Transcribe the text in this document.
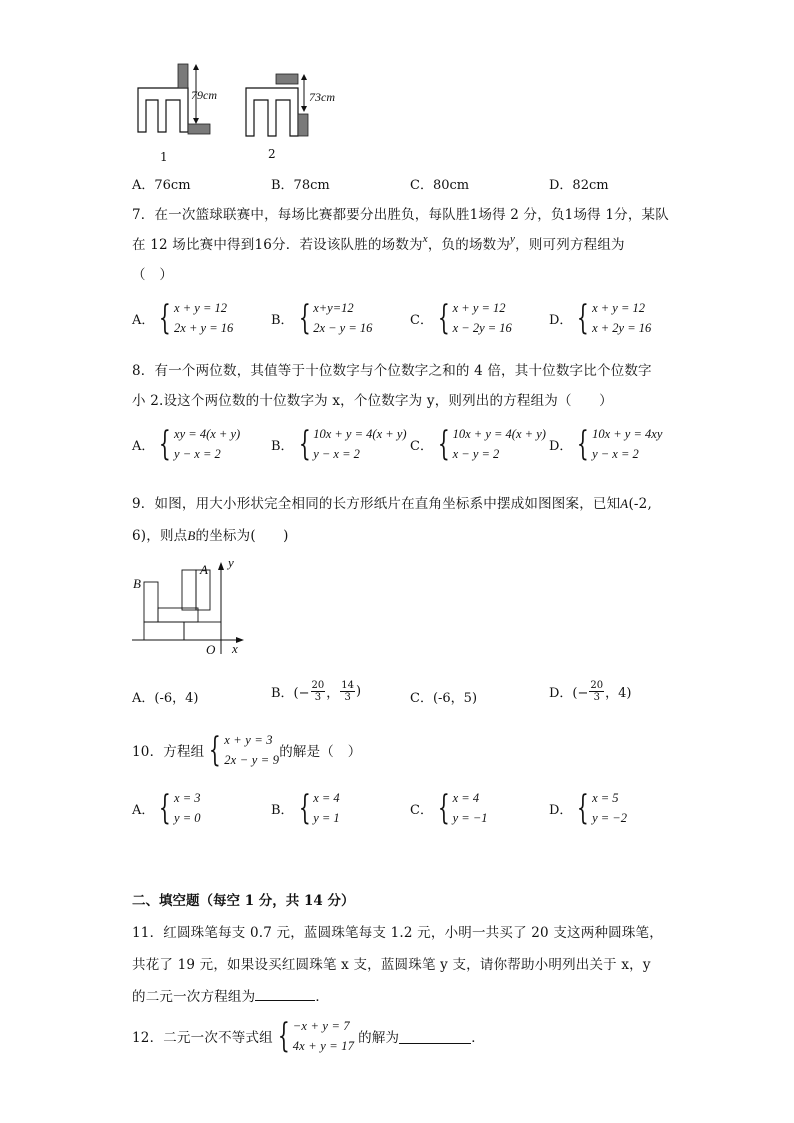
79cm	73cm
1	2
A．76cm	B．78cm	C．80cm	D．82cm
7．在一次篮球联赛中，每场比赛都要分出胜负，每队胜1场得 2 分，负1场得 1分，某队
在 12 场比赛中得到16分．若设该队胜的场数为$^x$，负的场数为$^y$，则可列方程组为
（　）
A． { x + y = 12
2x + y = 16
B． { x+y=12
2x − y = 16
C． { x + y = 12
x − 2y = 16
D． { x + y = 12
x + 2y = 16
8．有一个两位数，其值等于十位数字与个位数字之和的 4 倍，其十位数字比个位数字
小 2.设这个两位数的十位数字为 x，个位数字为 y，则列出的方程组为（　　）
A． { xy = 4(x + y)
y − x = 2
B． { 10x + y = 4(x + y)
y − x = 2
C． { 10x + y = 4(x + y)
x − y = 2
D． { 10x + y = 4xy
y − x = 2
9．如图，用大小形状完全相同的长方形纸片在直角坐标系中摆成如图图案，已知A(-2,
6)，则点B的坐标为(　　)
B
A y
x
O
A．(-6，4)	B．(− $\frac{20}{3}$ ， $\frac{14}{3}$ )	C．(-6，5)	D．(− $\frac{20}{3}$ ，4)
10．方程组 { x + y = 3
2x − y = 9 的解是（　）
A． { x = 3
y = 0
B． { x = 4
y = 1
C． { x = 4
y = −1
D． { x = 5
y = −2
二、填空题（每空 1 分，共 14 分）
11．红圆珠笔每支 0.7 元，蓝圆珠笔每支 1.2 元，小明一共买了 20 支这两种圆珠笔，
共花了 19 元，如果设买红圆珠笔 x 支，蓝圆珠笔 y 支，请你帮助小明列出关于 x，y
的二元一次方程组为	．
12．二元一次不等式组 { −x + y = 7
4x + y = 17 的解为	．
